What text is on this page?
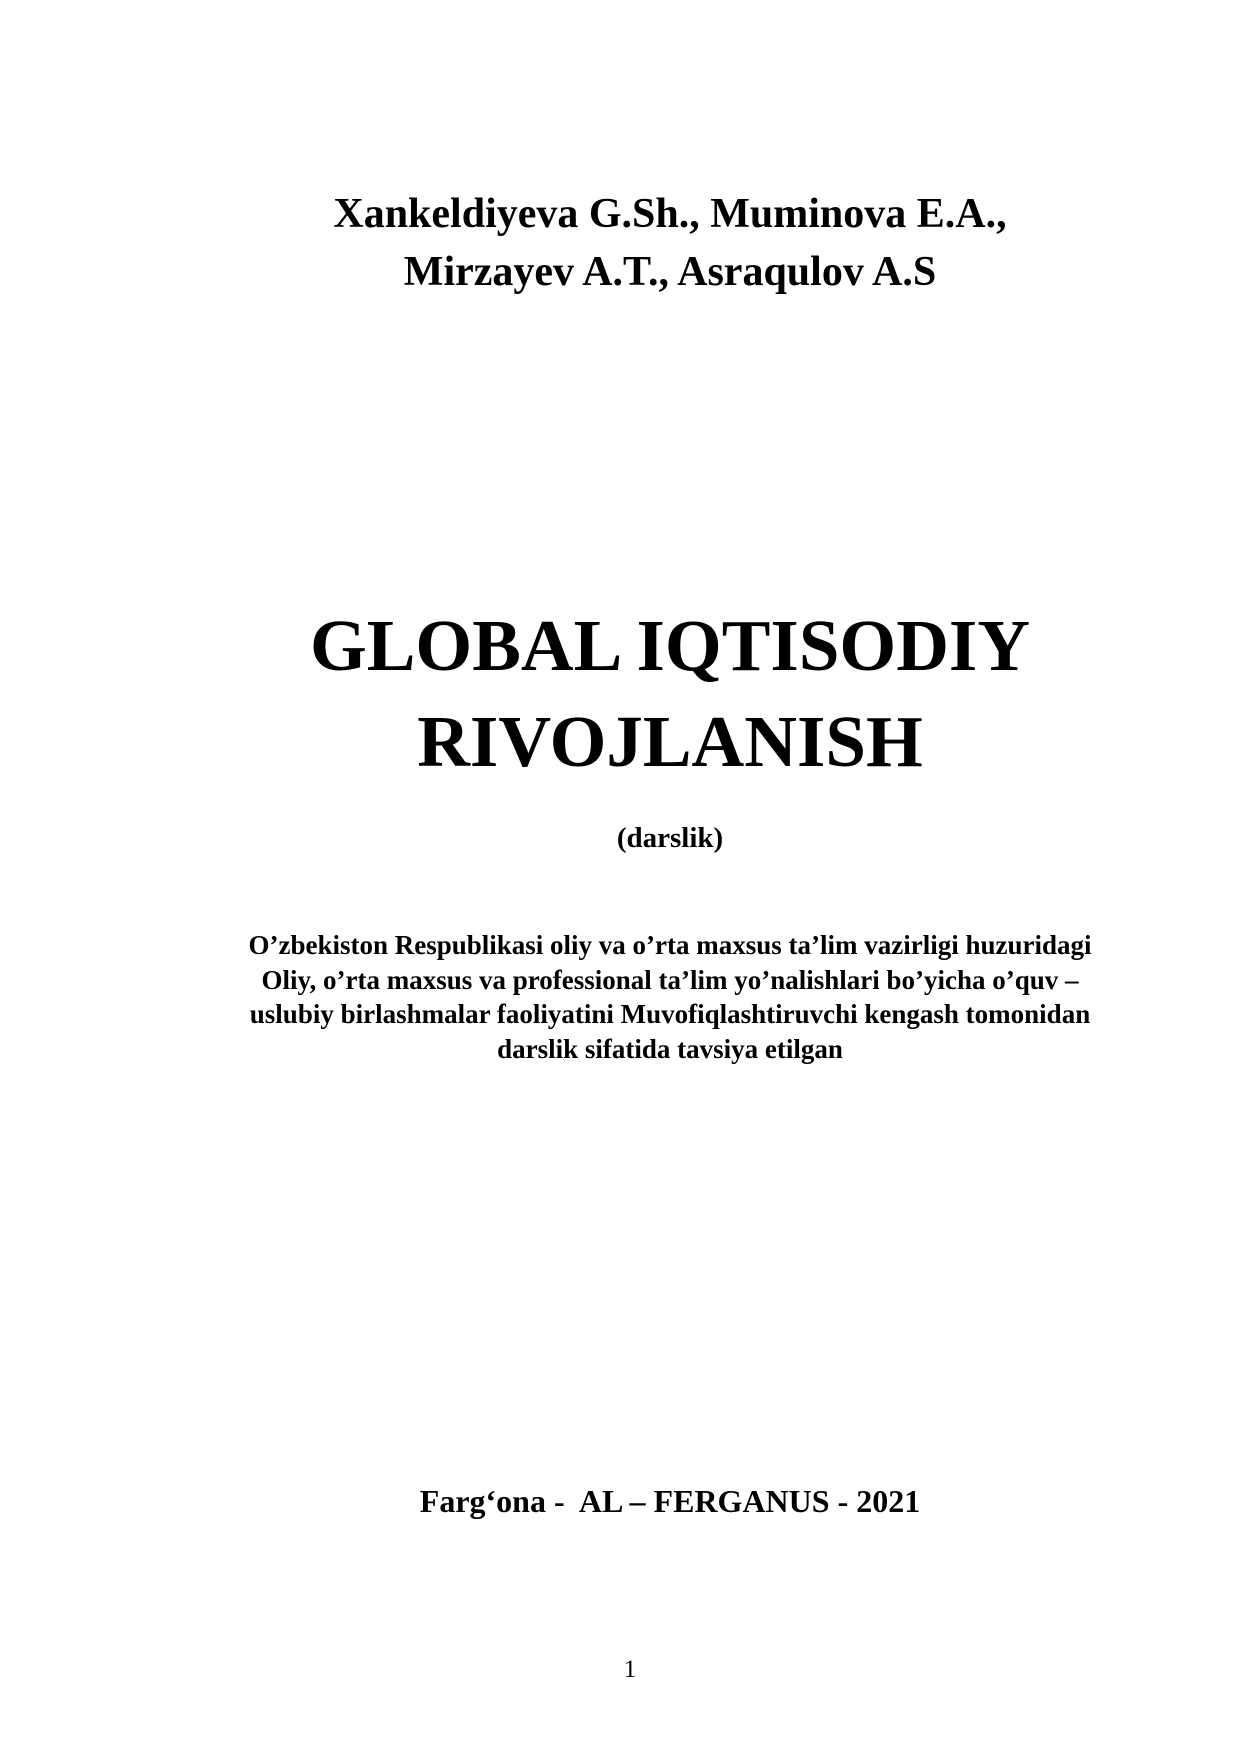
Xankeldiyeva G.Sh., Muminova E.A.,
Mirzayev A.T., Asraqulov A.S
GLOBAL IQTISODIY
RIVOJLANISH
(darslik)
O’zbekiston Respublikasi oliy va o’rta maxsus ta’lim vazirligi huzuridagi
Oliy, o’rta maxsus va professional ta’lim yo’nalishlari bo’yicha o’quv –
uslubiy birlashmalar faoliyatini Muvofiqlashtiruvchi kengash tomonidan
darslik sifatida tavsiya etilgan
Farg‘ona -  AL – FERGANUS - 2021
1
